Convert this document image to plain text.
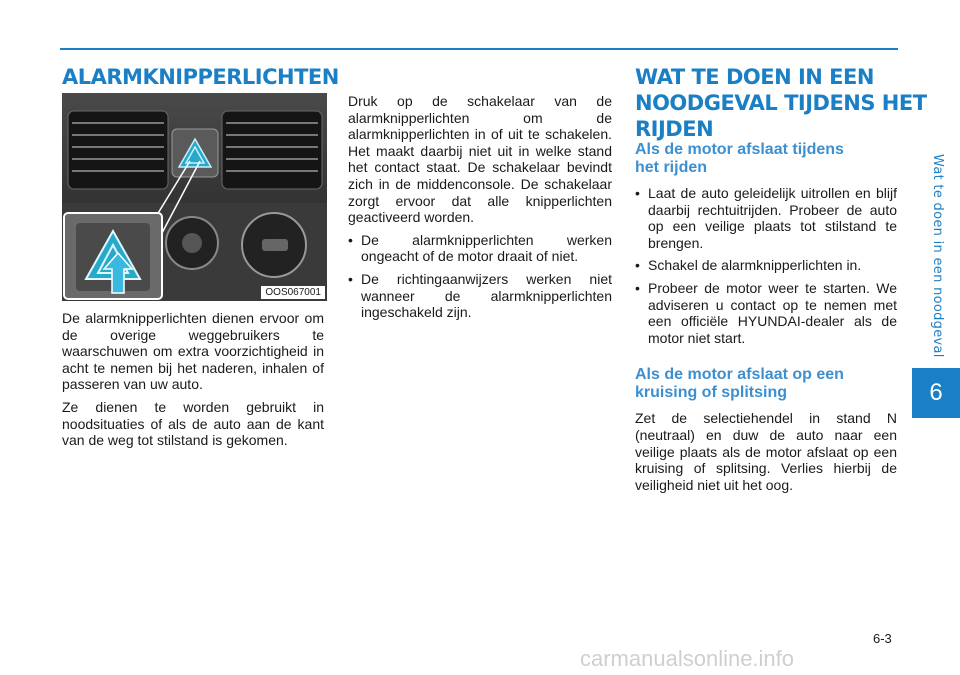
Wat te doen in een noodgeval
6
ALARMKNIPPERLICHTEN
OOS067001

De alarmknipperlichten dienen ervoor om de overige weggebruikers te waarschuwen om extra voorzichtigheid in acht te nemen bij het naderen, inhalen of passeren van uw auto.

Ze dienen te worden gebruikt in noodsituaties of als de auto aan de kant van de weg tot stilstand is gekomen.

Druk op de schakelaar van de alarmknipperlichten om de alarmknipperlichten in of uit te schakelen. Het maakt daarbij niet uit in welke stand het contact staat. De schakelaar bevindt zich in de middenconsole. De schakelaar zorgt ervoor dat alle knipperlichten geactiveerd worden.

• De alarmknipperlichten werken ongeacht of de motor draait of niet.
• De richtingaanwijzers werken niet wanneer de alarmknipperlichten ingeschakeld zijn.
WAT TE DOEN IN EEN
NOODGEVAL TIJDENS HET
RIJDEN
Als de motor afslaat tijdens
het rijden
• Laat de auto geleidelijk uitrollen en blijf daarbij rechtuitrijden. Probeer de auto op een veilige plaats tot stilstand te brengen.
• Schakel de alarmknipperlichten in.
• Probeer de motor weer te starten. We adviseren u contact op te nemen met een officiële HYUNDAI-dealer als de motor niet start.
Als de motor afslaat op een
kruising of splitsing

Zet de selectiehendel in stand N (neutraal) en duw de auto naar een veilige plaats als de motor afslaat op een kruising of splitsing. Verlies hierbij de veiligheid niet uit het oog.

6-3
carmanualsonline.info
